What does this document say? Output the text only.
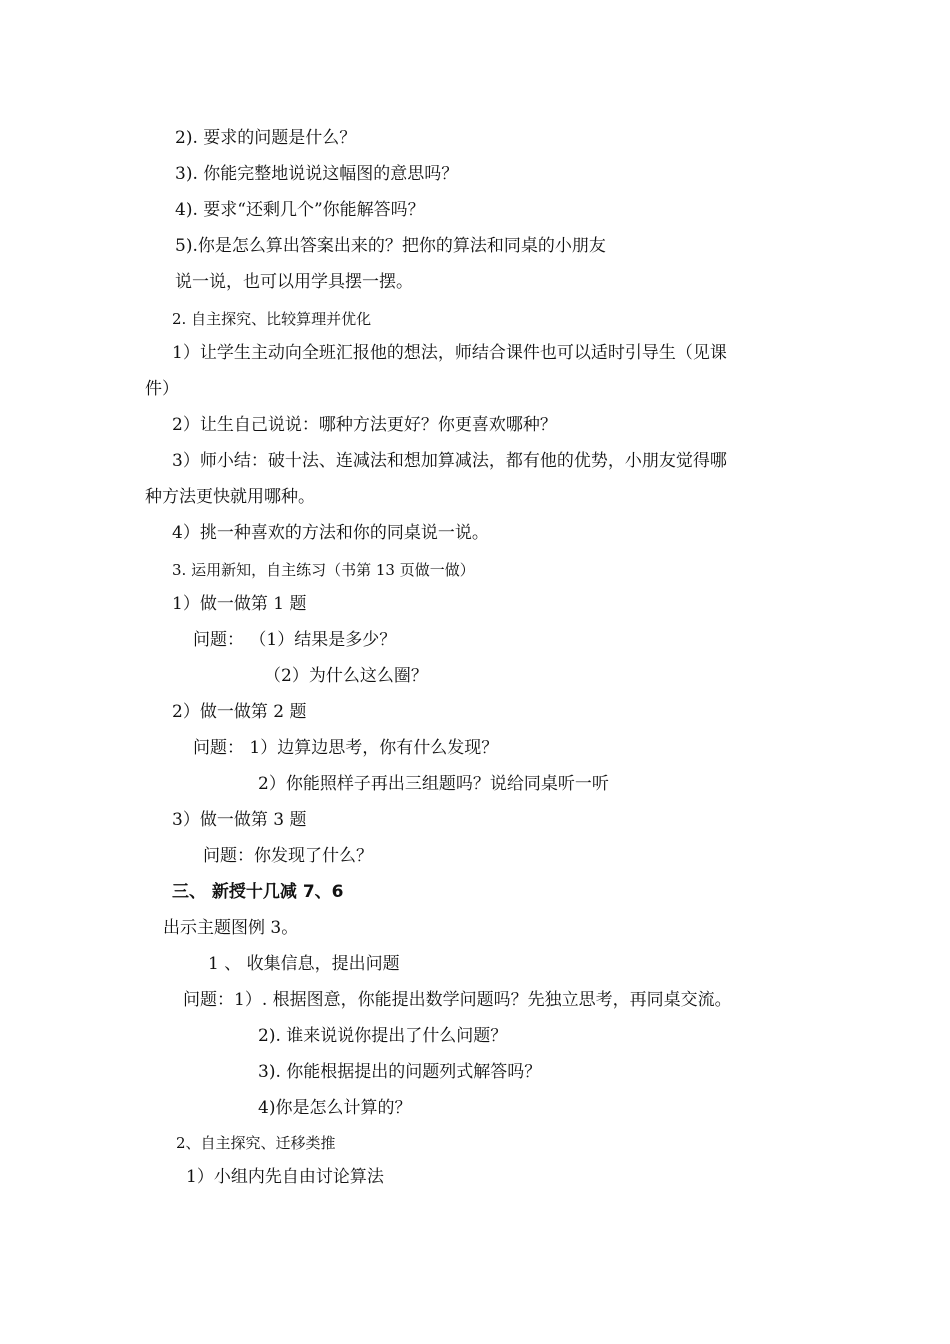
2). 要求的问题是什么？
3). 你能完整地说说这幅图的意思吗？
4). 要求“还剩几个”你能解答吗？
5).你是怎么算出答案出来的？把你的算法和同桌的小朋友
说一说，也可以用学具摆一摆。
2. 自主探究、比较算理并优化
1）让学生主动向全班汇报他的想法，师结合课件也可以适时引导生（见课
件）
2）让生自己说说：哪种方法更好？你更喜欢哪种？
3）师小结：破十法、连减法和想加算减法，都有他的优势，小朋友觉得哪
种方法更快就用哪种。
4）挑一种喜欢的方法和你的同桌说一说。
3. 运用新知，自主练习（书第 13 页做一做）
1）做一做第 1 题
问题： （1）结果是多少？
（2）为什么这么圈？
2）做一做第 2 题
问题： 1）边算边思考，你有什么发现？
2）你能照样子再出三组题吗？说给同桌听一听
3）做一做第 3 题
问题：你发现了什么？
三、 新授十几减 7、6
出示主题图例 3。
1 、 收集信息，提出问题
问题：1）. 根据图意，你能提出数学问题吗？先独立思考，再同桌交流。
2). 谁来说说你提出了什么问题？
3). 你能根据提出的问题列式解答吗？
4)你是怎么计算的？
2、自主探究、迁移类推
1）小组内先自由讨论算法
